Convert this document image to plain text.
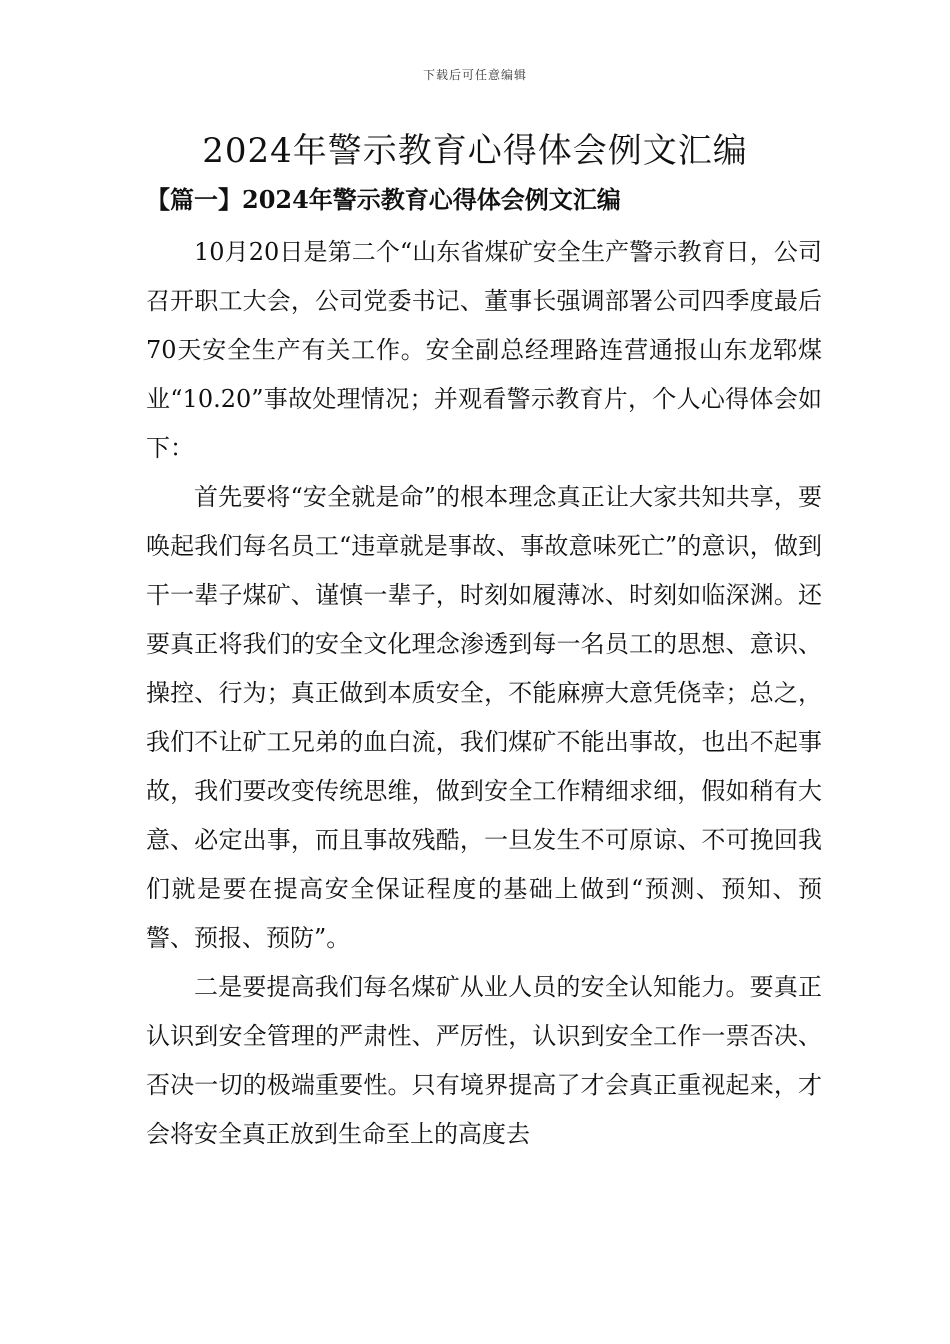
下载后可任意编辑
2024年警示教育心得体会例文汇编
【篇一】2024年警示教育心得体会例文汇编

10月20日是第二个“山东省煤矿安全生产警示教育日，公司召开职工大会，公司党委书记、董事长强调部署公司四季度最后70天安全生产有关工作。安全副总经理路连营通报山东龙郓煤业“10.20”事故处理情况；并观看警示教育片，个人心得体会如下：

首先要将“安全就是命”的根本理念真正让大家共知共享，要唤起我们每名员工“违章就是事故、事故意味死亡”的意识，做到干一辈子煤矿、谨慎一辈子，时刻如履薄冰、时刻如临深渊。还要真正将我们的安全文化理念渗透到每一名员工的思想、意识、操控、行为；真正做到本质安全，不能麻痹大意凭侥幸；总之，我们不让矿工兄弟的血白流，我们煤矿不能出事故，也出不起事故，我们要改变传统思维，做到安全工作精细求细，假如稍有大意、必定出事，而且事故残酷，一旦发生不可原谅、不可挽回我们就是要在提高安全保证程度的基础上做到“预测、预知、预警、预报、预防”。

二是要提高我们每名煤矿从业人员的安全认知能力。要真正认识到安全管理的严肃性、严厉性，认识到安全工作一票否决、否决一切的极端重要性。只有境界提高了才会真正重视起来，才会将安全真正放到生命至上的高度去
